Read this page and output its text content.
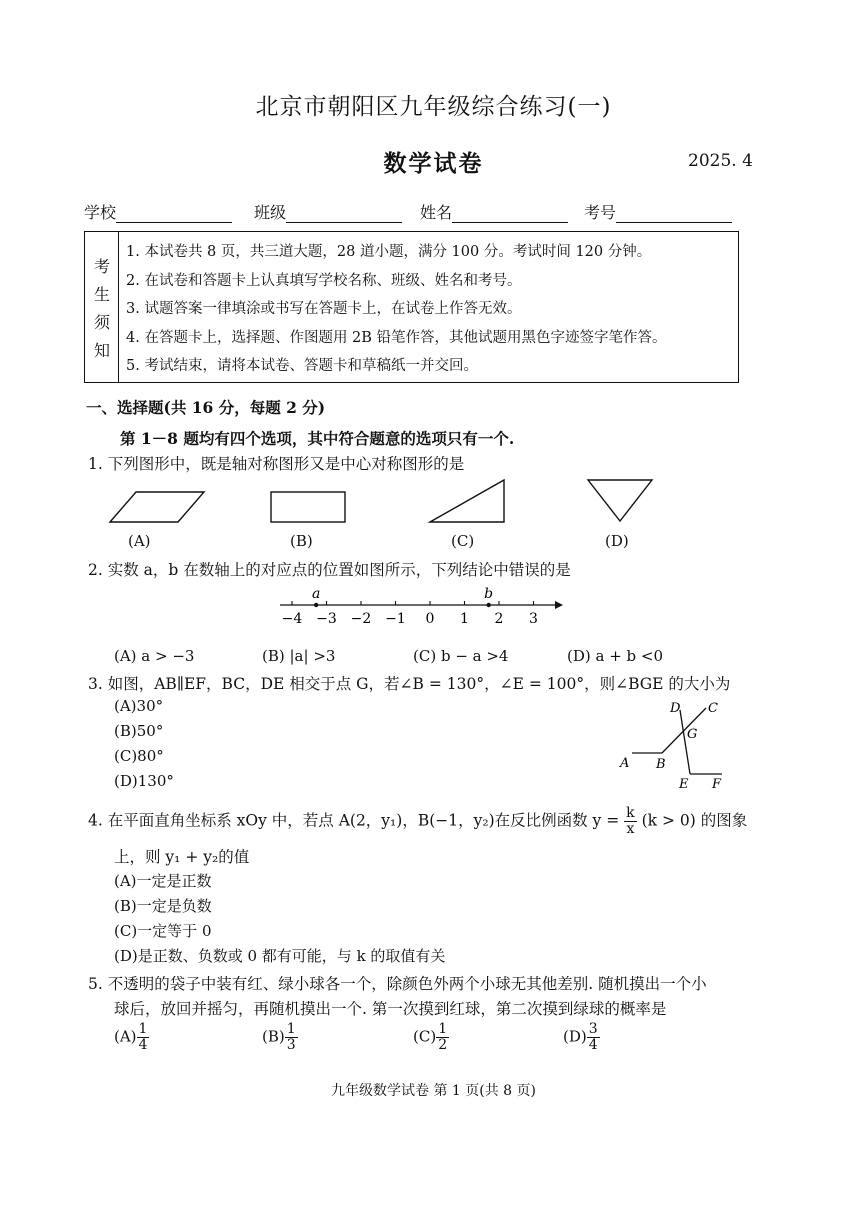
北京市朝阳区九年级综合练习(一)
数学试卷	2025. 4
学校	班级	姓名	考号
考
生
须
知
1. 本试卷共 8 页，共三道大题，28 道小题，满分 100 分。考试时间 120 分钟。
2. 在试卷和答题卡上认真填写学校名称、班级、姓名和考号。
3. 试题答案一律填涂或书写在答题卡上，在试卷上作答无效。
4. 在答题卡上，选择题、作图题用 2B 铅笔作答，其他试题用黑色字迹签字笔作答。
5. 考试结束，请将本试卷、答题卡和草稿纸一并交回。
一、选择题(共 16 分，每题 2 分)
第 1－8 题均有四个选项，其中符合题意的选项只有一个.
1. 下列图形中，既是轴对称图形又是中心对称图形的是
(A)	(B)	(C)	(D)
2. 实数 a，b 在数轴上的对应点的位置如图所示，下列结论中错误的是
−4 −3 −2 −1 0 1 2 3
a	b
(A) a > −3	(B) |a| >3	(C) b − a >4	(D) a + b <0
3. 如图，AB∥EF，BC，DE 相交于点 G，若∠B = 130°，∠E = 100°，则∠BGE 的大小为
(A)30°
(B)50°
(C)80°
(D)130°
D C
G
A B
E F
4. 在平面直角坐标系 xOy 中，若点 A(2，y₁)，B(−1，y₂)在反比例函数 $y = \frac{k}{x} (k > 0)$ 的图象
上，则 y₁ + y₂的值
(A)一定是正数
(B)一定是负数
(C)一定等于 0
(D)是正数、负数或 0 都有可能，与 k 的取值有关
5. 不透明的袋子中装有红、绿小球各一个，除颜色外两个小球无其他差别. 随机摸出一个小
球后，放回并摇匀，再随机摸出一个. 第一次摸到红球，第二次摸到绿球的概率是
$(A) \frac{1}{4}$	$(B) \frac{1}{3}$	$(C) \frac{1}{2}$	$(D) \frac{3}{4}$
九年级数学试卷 第 1 页(共 8 页)
